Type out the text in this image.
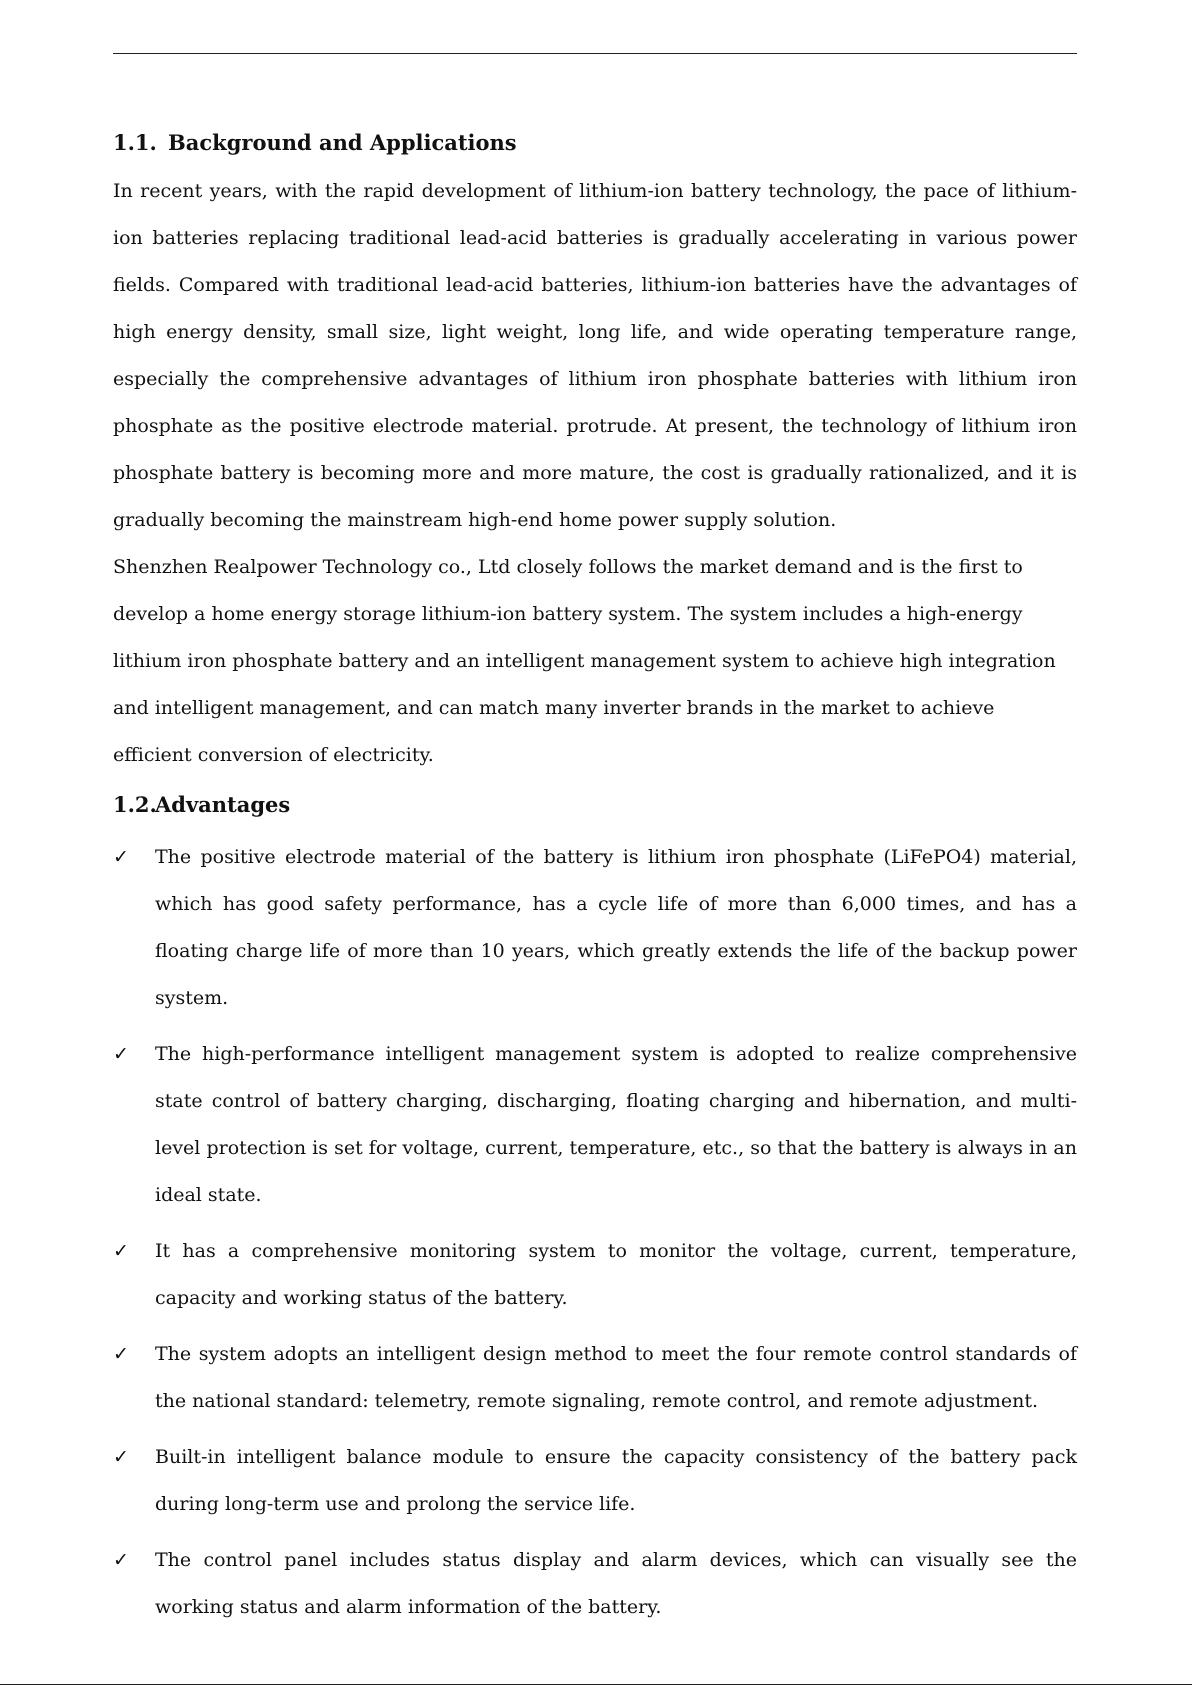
1.1. Background and Applications

In recent years, with the rapid development of lithium-ion battery technology, the pace of lithium-ion batteries replacing traditional lead-acid batteries is gradually accelerating in various power fields. Compared with traditional lead-acid batteries, lithium-ion batteries have the advantages of high energy density, small size, light weight, long life, and wide operating temperature range, especially the comprehensive advantages of lithium iron phosphate batteries with lithium iron phosphate as the positive electrode material. protrude. At present, the technology of lithium iron phosphate battery is becoming more and more mature, the cost is gradually rationalized, and it is gradually becoming the mainstream high-end home power supply solution.

Shenzhen Realpower Technology co., Ltd closely follows the market demand and is the first to develop a home energy storage lithium-ion battery system. The system includes a high-energy lithium iron phosphate battery and an intelligent management system to achieve high integration and intelligent management, and can match many inverter brands in the market to achieve efficient conversion of electricity.

1.2.Advantages
✓ The positive electrode material of the battery is lithium iron phosphate (LiFePO4) material, which has good safety performance, has a cycle life of more than 6,000 times, and has a floating charge life of more than 10 years, which greatly extends the life of the backup power system.
✓ The high-performance intelligent management system is adopted to realize comprehensive state control of battery charging, discharging, floating charging and hibernation, and multi-level protection is set for voltage, current, temperature, etc., so that the battery is always in an ideal state.
✓ It has a comprehensive monitoring system to monitor the voltage, current, temperature, capacity and working status of the battery.
✓ The system adopts an intelligent design method to meet the four remote control standards of the national standard: telemetry, remote signaling, remote control, and remote adjustment.
✓ Built-in intelligent balance module to ensure the capacity consistency of the battery pack during long-term use and prolong the service life.
✓ The control panel includes status display and alarm devices, which can visually see the working status and alarm information of the battery.
